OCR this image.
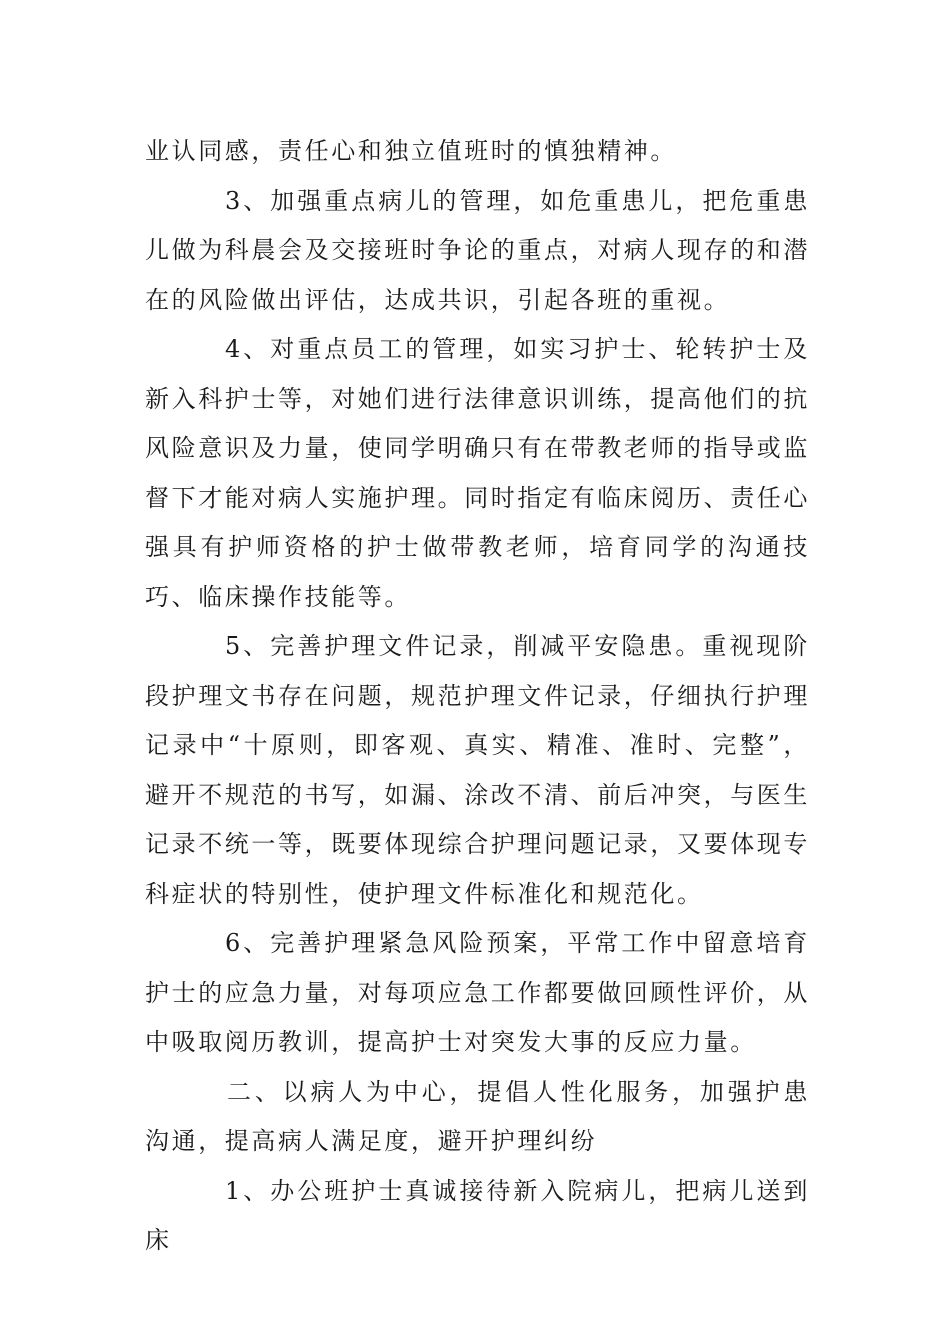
业认同感，责任心和独立值班时的慎独精神。

3、加强重点病儿的管理，如危重患儿，把危重患儿做为科晨会及交接班时争论的重点，对病人现存的和潜在的风险做出评估，达成共识，引起各班的重视。

4、对重点员工的管理，如实习护士、轮转护士及新入科护士等，对她们进行法律意识训练，提高他们的抗风险意识及力量，使同学明确只有在带教老师的指导或监督下才能对病人实施护理。同时指定有临床阅历、责任心强具有护师资格的护士做带教老师，培育同学的沟通技巧、临床操作技能等。

5、完善护理文件记录，削减平安隐患。重视现阶段护理文书存在问题，规范护理文件记录，仔细执行护理记录中“十原则，即客观、真实、精准、准时、完整”，避开不规范的书写，如漏、涂改不清、前后冲突，与医生记录不统一等，既要体现综合护理问题记录，又要体现专科症状的特别性，使护理文件标准化和规范化。

6、完善护理紧急风险预案，平常工作中留意培育护士的应急力量，对每项应急工作都要做回顾性评价，从中吸取阅历教训，提高护士对突发大事的反应力量。

二、以病人为中心，提倡人性化服务，加强护患沟通，提高病人满足度，避开护理纠纷

1、办公班护士真诚接待新入院病儿，把病儿送到床
